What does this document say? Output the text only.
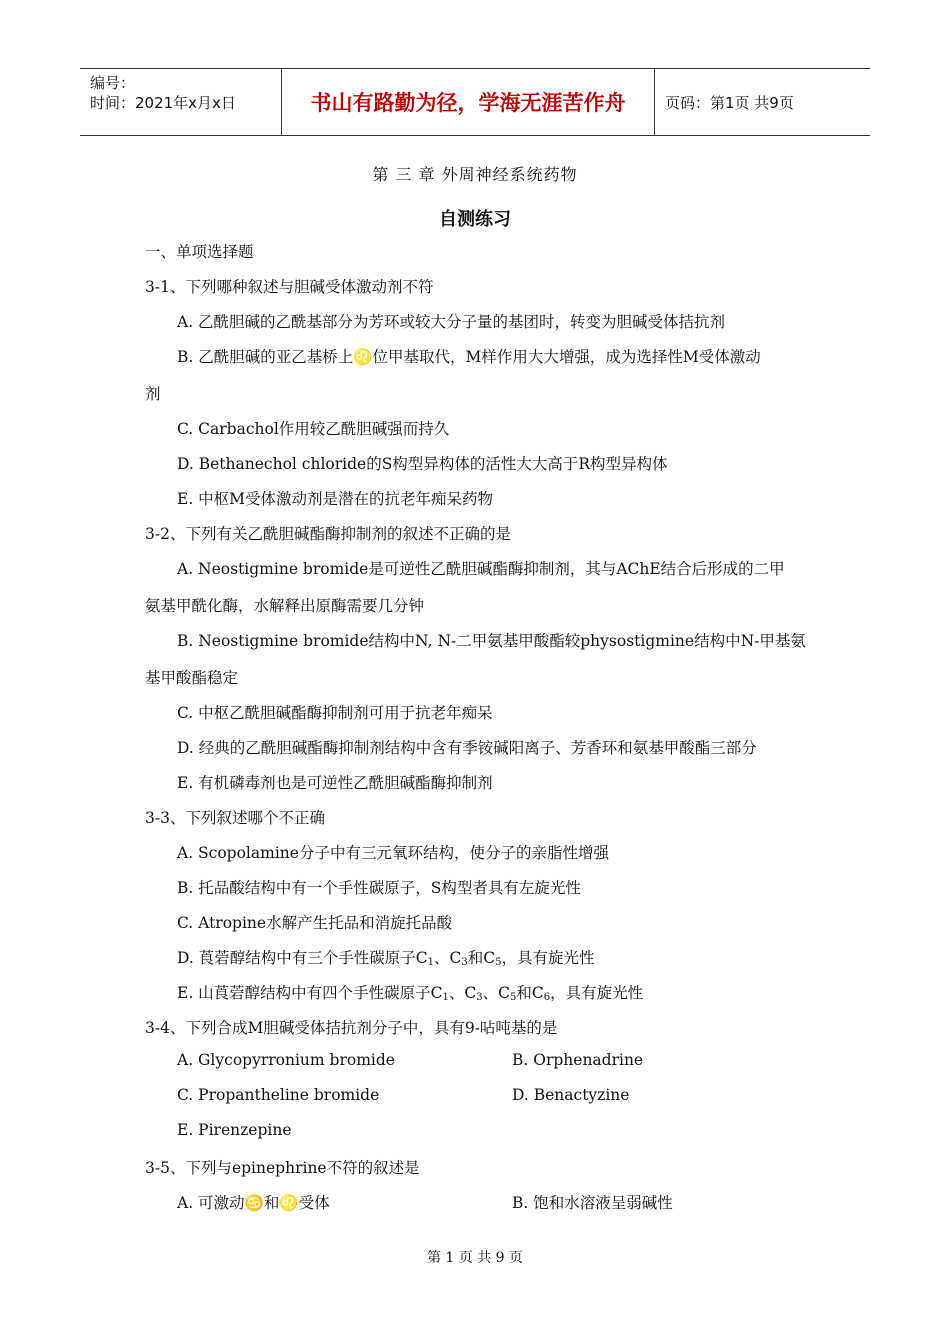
编号：
时间：2021年x月x日	书山有路勤为径，学海无涯苦作舟	页码：第1页 共9页
第 三 章 外周神经系统药物
自测练习
一、单项选择题
3-1、下列哪种叙述与胆碱受体激动剂不符
A. 乙酰胆碱的乙酰基部分为芳环或较大分子量的基团时，转变为胆碱受体拮抗剂
B. 乙酰胆碱的亚乙基桥上♌位甲基取代，M样作用大大增强，成为选择性M受体激动
剂
C. Carbachol作用较乙酰胆碱强而持久
D. Bethanechol chloride的S构型异构体的活性大大高于R构型异构体
E. 中枢M受体激动剂是潜在的抗老年痴呆药物
3-2、下列有关乙酰胆碱酯酶抑制剂的叙述不正确的是
A. Neostigmine bromide是可逆性乙酰胆碱酯酶抑制剂，其与AChE结合后形成的二甲
氨基甲酰化酶，水解释出原酶需要几分钟
B. Neostigmine bromide结构中N, N-二甲氨基甲酸酯较physostigmine结构中N-甲基氨
基甲酸酯稳定
C. 中枢乙酰胆碱酯酶抑制剂可用于抗老年痴呆
D. 经典的乙酰胆碱酯酶抑制剂结构中含有季铵碱阳离子、芳香环和氨基甲酸酯三部分
E. 有机磷毒剂也是可逆性乙酰胆碱酯酶抑制剂
3-3、下列叙述哪个不正确
A. Scopolamine分子中有三元氧环结构，使分子的亲脂性增强
B. 托品酸结构中有一个手性碳原子，S构型者具有左旋光性
C. Atropine水解产生托品和消旋托品酸
D. 莨菪醇结构中有三个手性碳原子$C_1$、$C_3$和$C_5$，具有旋光性
E. 山莨菪醇结构中有四个手性碳原子$C_1$、$C_3$、$C_5$和$C_6$，具有旋光性
3-4、下列合成M胆碱受体拮抗剂分子中，具有9-呫吨基的是
A. Glycopyrronium bromide	B. Orphenadrine
C. Propantheline bromide	D. Benactyzine
E. Pirenzepine
3-5、下列与epinephrine不符的叙述是
A. 可激动♋和♌受体	B. 饱和水溶液呈弱碱性
第 1 页 共 9 页
